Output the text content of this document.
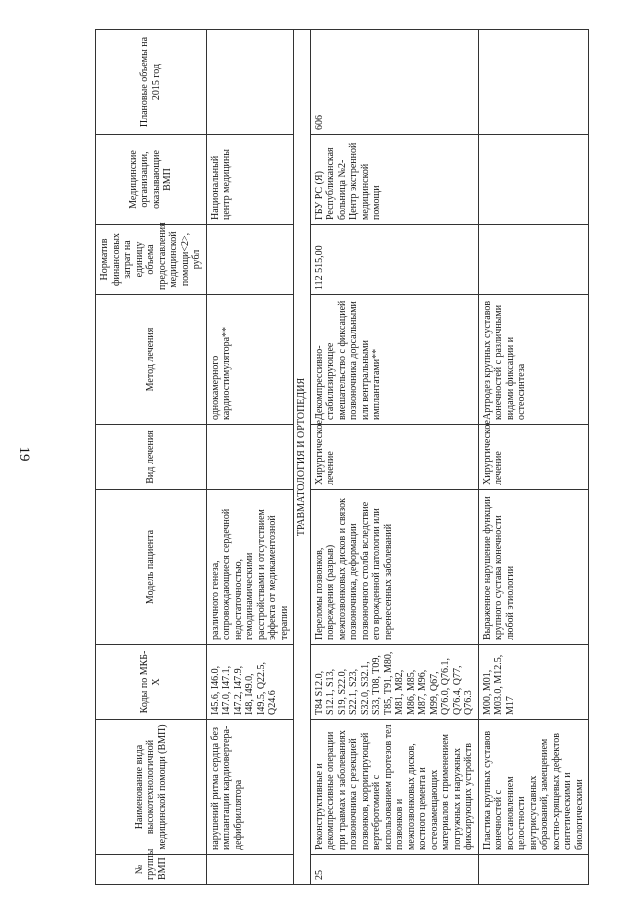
19
№ группы ВМП	Наименование вида высокотехнологичной медицинской помощи (ВМП)	Коды по МКБ-Х	Модель пациента	Вид лечения	Метод лечения	Норматив финансовых затрат на единицу объема предоставления медицинской помощи<2>, рубл	Медицинские организации, оказывающие ВМП	Плановые объемы на 2015 год
	нарушений ритма сердца без имплантации кардиовертера-дефибриллятора	I45.6, I46.0, I47.0, I47.1, I47.2, I47.9, I48, I49.0, I49.5, Q22.5, Q24.6	различного генеза, сопровождающиеся сердечной недостаточностью, гемодинамическими расстройствами и отсутствием эффекта от медикаментозной терапии		однокамерного кардиостимулятора**		Национальный центр медицины	
ТРАВМАТОЛОГИЯ И ОРТОПЕДИЯ								
25	Реконструктивные и декомпрессивные операции при травмах и заболеваниях позвоночника с резекцией позвонков, корригирующей вертебротомией с использованием протезов тел позвонков и межпозвонковых дисков, костного цемента и остеозамещающих материалов с применением погружных и наружных фиксирующих устройств	T84 S12.0, S12.1, S13, S19, S22.0, S22.1, S23, S32.0, S32.1, S33, T08, T09, T85, T91, M80, M81, M82, M86, M85, M87, M96, M99, Q67, Q76.0, Q76.1, Q76.4, Q77, Q76.3	Переломы позвонков, повреждения (разрыв) межпозвонковых дисков и связок позвоночника, деформации позвоночного столба вследствие его врожденной патологии или перенесенных заболеваний	Хирургическое лечение	Декомпрессивно-стабилизирующее вмешательство с фиксацией позвоночника дорсальными или вентральными имплантатами**	112 515,00	ГБУ РС (Я) Республиканская больница №2-Центр экстренной медицинской помощи	606
	Пластика крупных суставов конечностей с восстановлением целостности внутрисуставных образований, замещением костно-хрящевых дефектов синтетическими и биологическими	M00, M01, M03.0, M12.5, M17	Выраженное нарушение функции крупного сустава конечности любой этиологии	Хирургическое лечение	Артродез крупных суставов конечностей с различными видами фиксации и остеосинтеза			
